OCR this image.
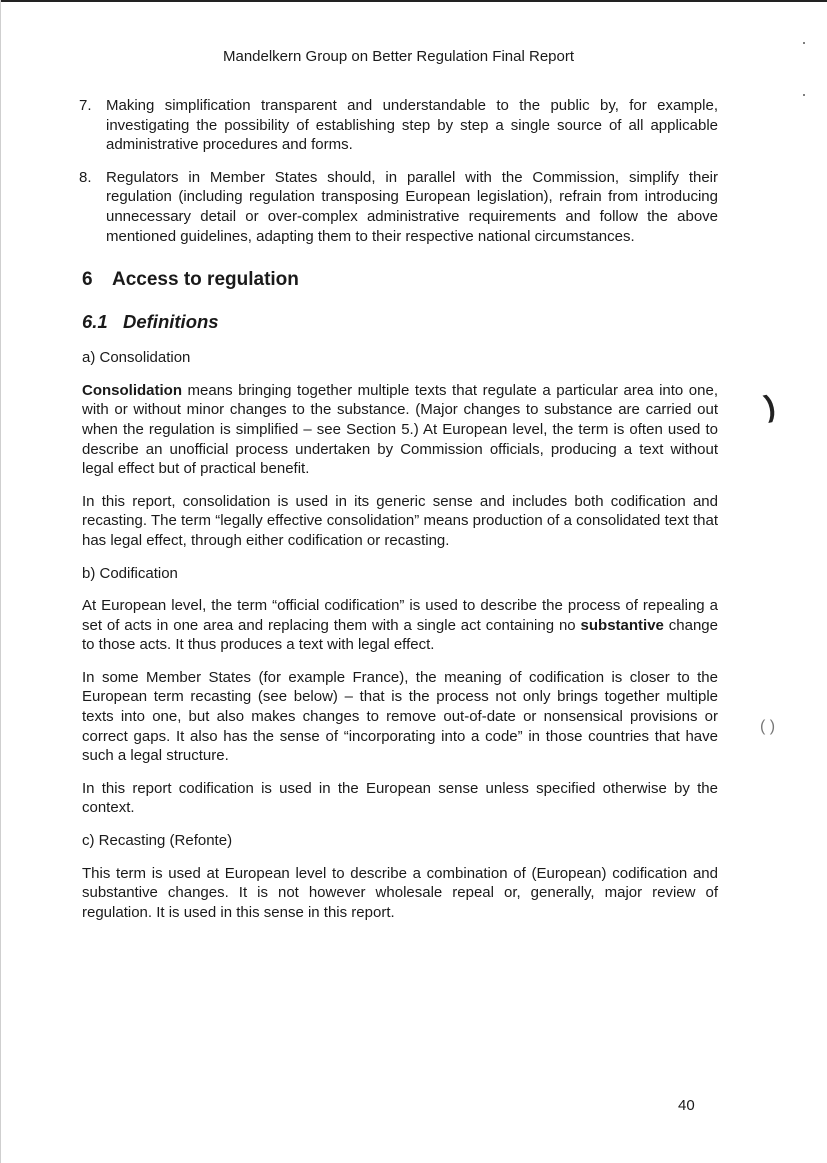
Mandelkern Group on Better Regulation Final Report
7. Making simplification transparent and understandable to the public by, for example, investigating the possibility of establishing step by step a single source of all applicable administrative procedures and forms.
8. Regulators in Member States should, in parallel with the Commission, simplify their regulation (including regulation transposing European legislation), refrain from introducing unnecessary detail or over-complex administrative requirements and follow the above mentioned guidelines, adapting them to their respective national circumstances.
6 Access to regulation
6.1 Definitions
a) Consolidation

Consolidation means bringing together multiple texts that regulate a particular area into one, with or without minor changes to the substance. (Major changes to substance are carried out when the regulation is simplified – see Section 5.) At European level, the term is often used to describe an unofficial process undertaken by Commission officials, producing a text without legal effect but of practical benefit.

In this report, consolidation is used in its generic sense and includes both codification and recasting. The term “legally effective consolidation” means production of a consolidated text that has legal effect, through either codification or recasting.

b) Codification

At European level, the term “official codification” is used to describe the process of repealing a set of acts in one area and replacing them with a single act containing no substantive change to those acts. It thus produces a text with legal effect.

In some Member States (for example France), the meaning of codification is closer to the European term recasting (see below) – that is the process not only brings together multiple texts into one, but also makes changes to remove out-of-date or nonsensical provisions or correct gaps. It also has the sense of “incorporating into a code” in those countries that have such a legal structure.

In this report codification is used in the European sense unless specified otherwise by the context.

c) Recasting (Refonte)

This term is used at European level to describe a combination of (European) codification and substantive changes. It is not however wholesale repeal or, generally, major review of regulation. It is used in this sense in this report.

)
( )
40
